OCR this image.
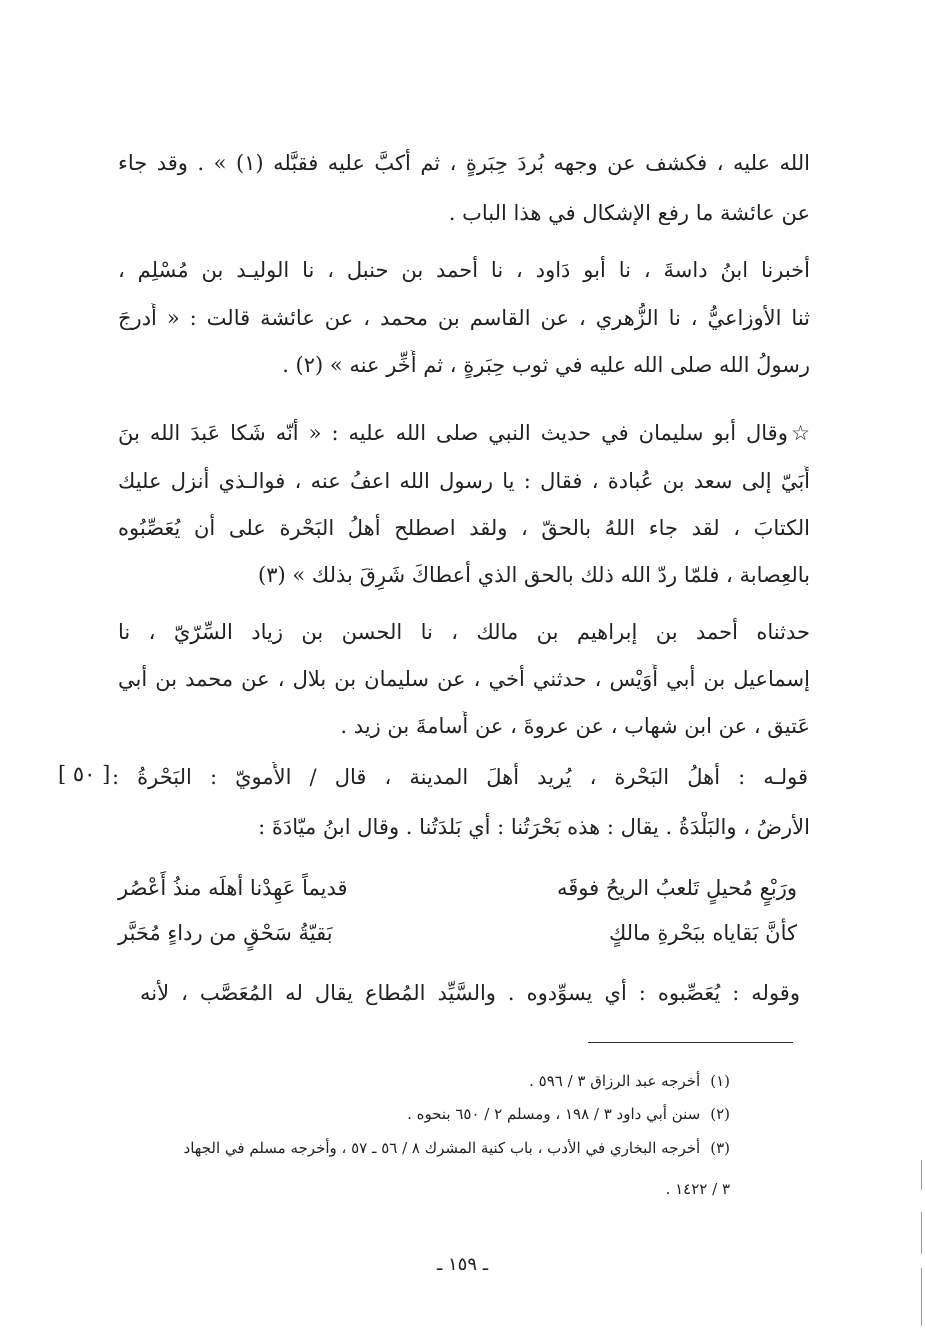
الله عليه ، فكشف عن وجهه بُردَ حِبَرةٍ ، ثم أكبَّ عليه فقبَّله (١) » . وقد جاء
عن عائشة ما رفع الإشكال في هذا الباب .
أخبرنا ابنُ داسةَ ، نا أبو دَاود ، نا أحمد بن حنبل ، نا الوليـد بن مُسْلِم ،
ثنا الأوزاعيُّ ، نا الزُّهري ، عن القاسم بن محمد ، عن عائشة قالت : « أُدرجَ
رسولُ الله صلى الله عليه في ثوب حِبَرةٍ ، ثم أُخِّر عنه » (٢) .
☆وقال أبو سليمان في حديث النبي صلى الله عليه : « أنّه شَكا عَبدَ الله بنَ
أُبَيّ إلى سعد بن عُبادة ، فقال : يا رسول الله اعفُ عنه ، فوالـذي أنزل عليك
الكتابَ ، لقد جاء اللهُ بالحقّ ، ولقد اصطلح أهلُ البَحْرة على أن يُعَصِّبُوه
بالعِصابة ، فلمّا ردّ الله ذلك بالحق الذي أعطاكَ شَرِقَ بذلك » (٣)
حدثناه أحمد بن إبراهيم بن مالك ، نا الحسن بن زياد السِّرّيّ ، نا
إسماعيل بن أبي أُوَيْس ، حدثني أخي ، عن سليمان بن بلال ، عن محمد بن أبي
عَتيق ، عن ابن شهاب ، عن عروةَ ، عن أُسامةَ بن زيد .
قولـه : أهلُ البَحْرة ، يُريد أهلَ المدينة ، قال / الأُمويّ : البَحْرةُ :
[ ٥٠ ]
الأرضُ ، والبَلْدَةُ . يقال : هذه بَحْرَتُنا : أي بَلدَتُنا . وقال ابنُ ميّادَةَ :
ورَبْعٍ مُحيلٍ تَلعبُ الريحُ فوقَه
قديماً عَهِدْنا أهلَه منذُ أَعْصُر
كأنَّ بَقاياه ببَحْرةِ مالكٍ
بَقيّةُ سَحْقٍ من رداءٍ مُحَبَّر
وقوله : يُعَصِّبوه : أي يسوِّدوه . والسَّيِّد المُطاع يقال له المُعَصَّب ، لأنه
(١)أخرجه عبد الرزاق ٣ / ٥٩٦ .
(٢)سنن أبي داود ٣ / ١٩٨ ، ومسلم ٢ / ٦٥٠ بنحوه .
(٣)أخرجه البخاري في الأدب ، باب كنية المشرك ٨ / ٥٦ ـ ٥٧ ، وأخرجه مسلم في الجهاد
٣ / ١٤٢٢ .
ـ ١٥٩ ـ
